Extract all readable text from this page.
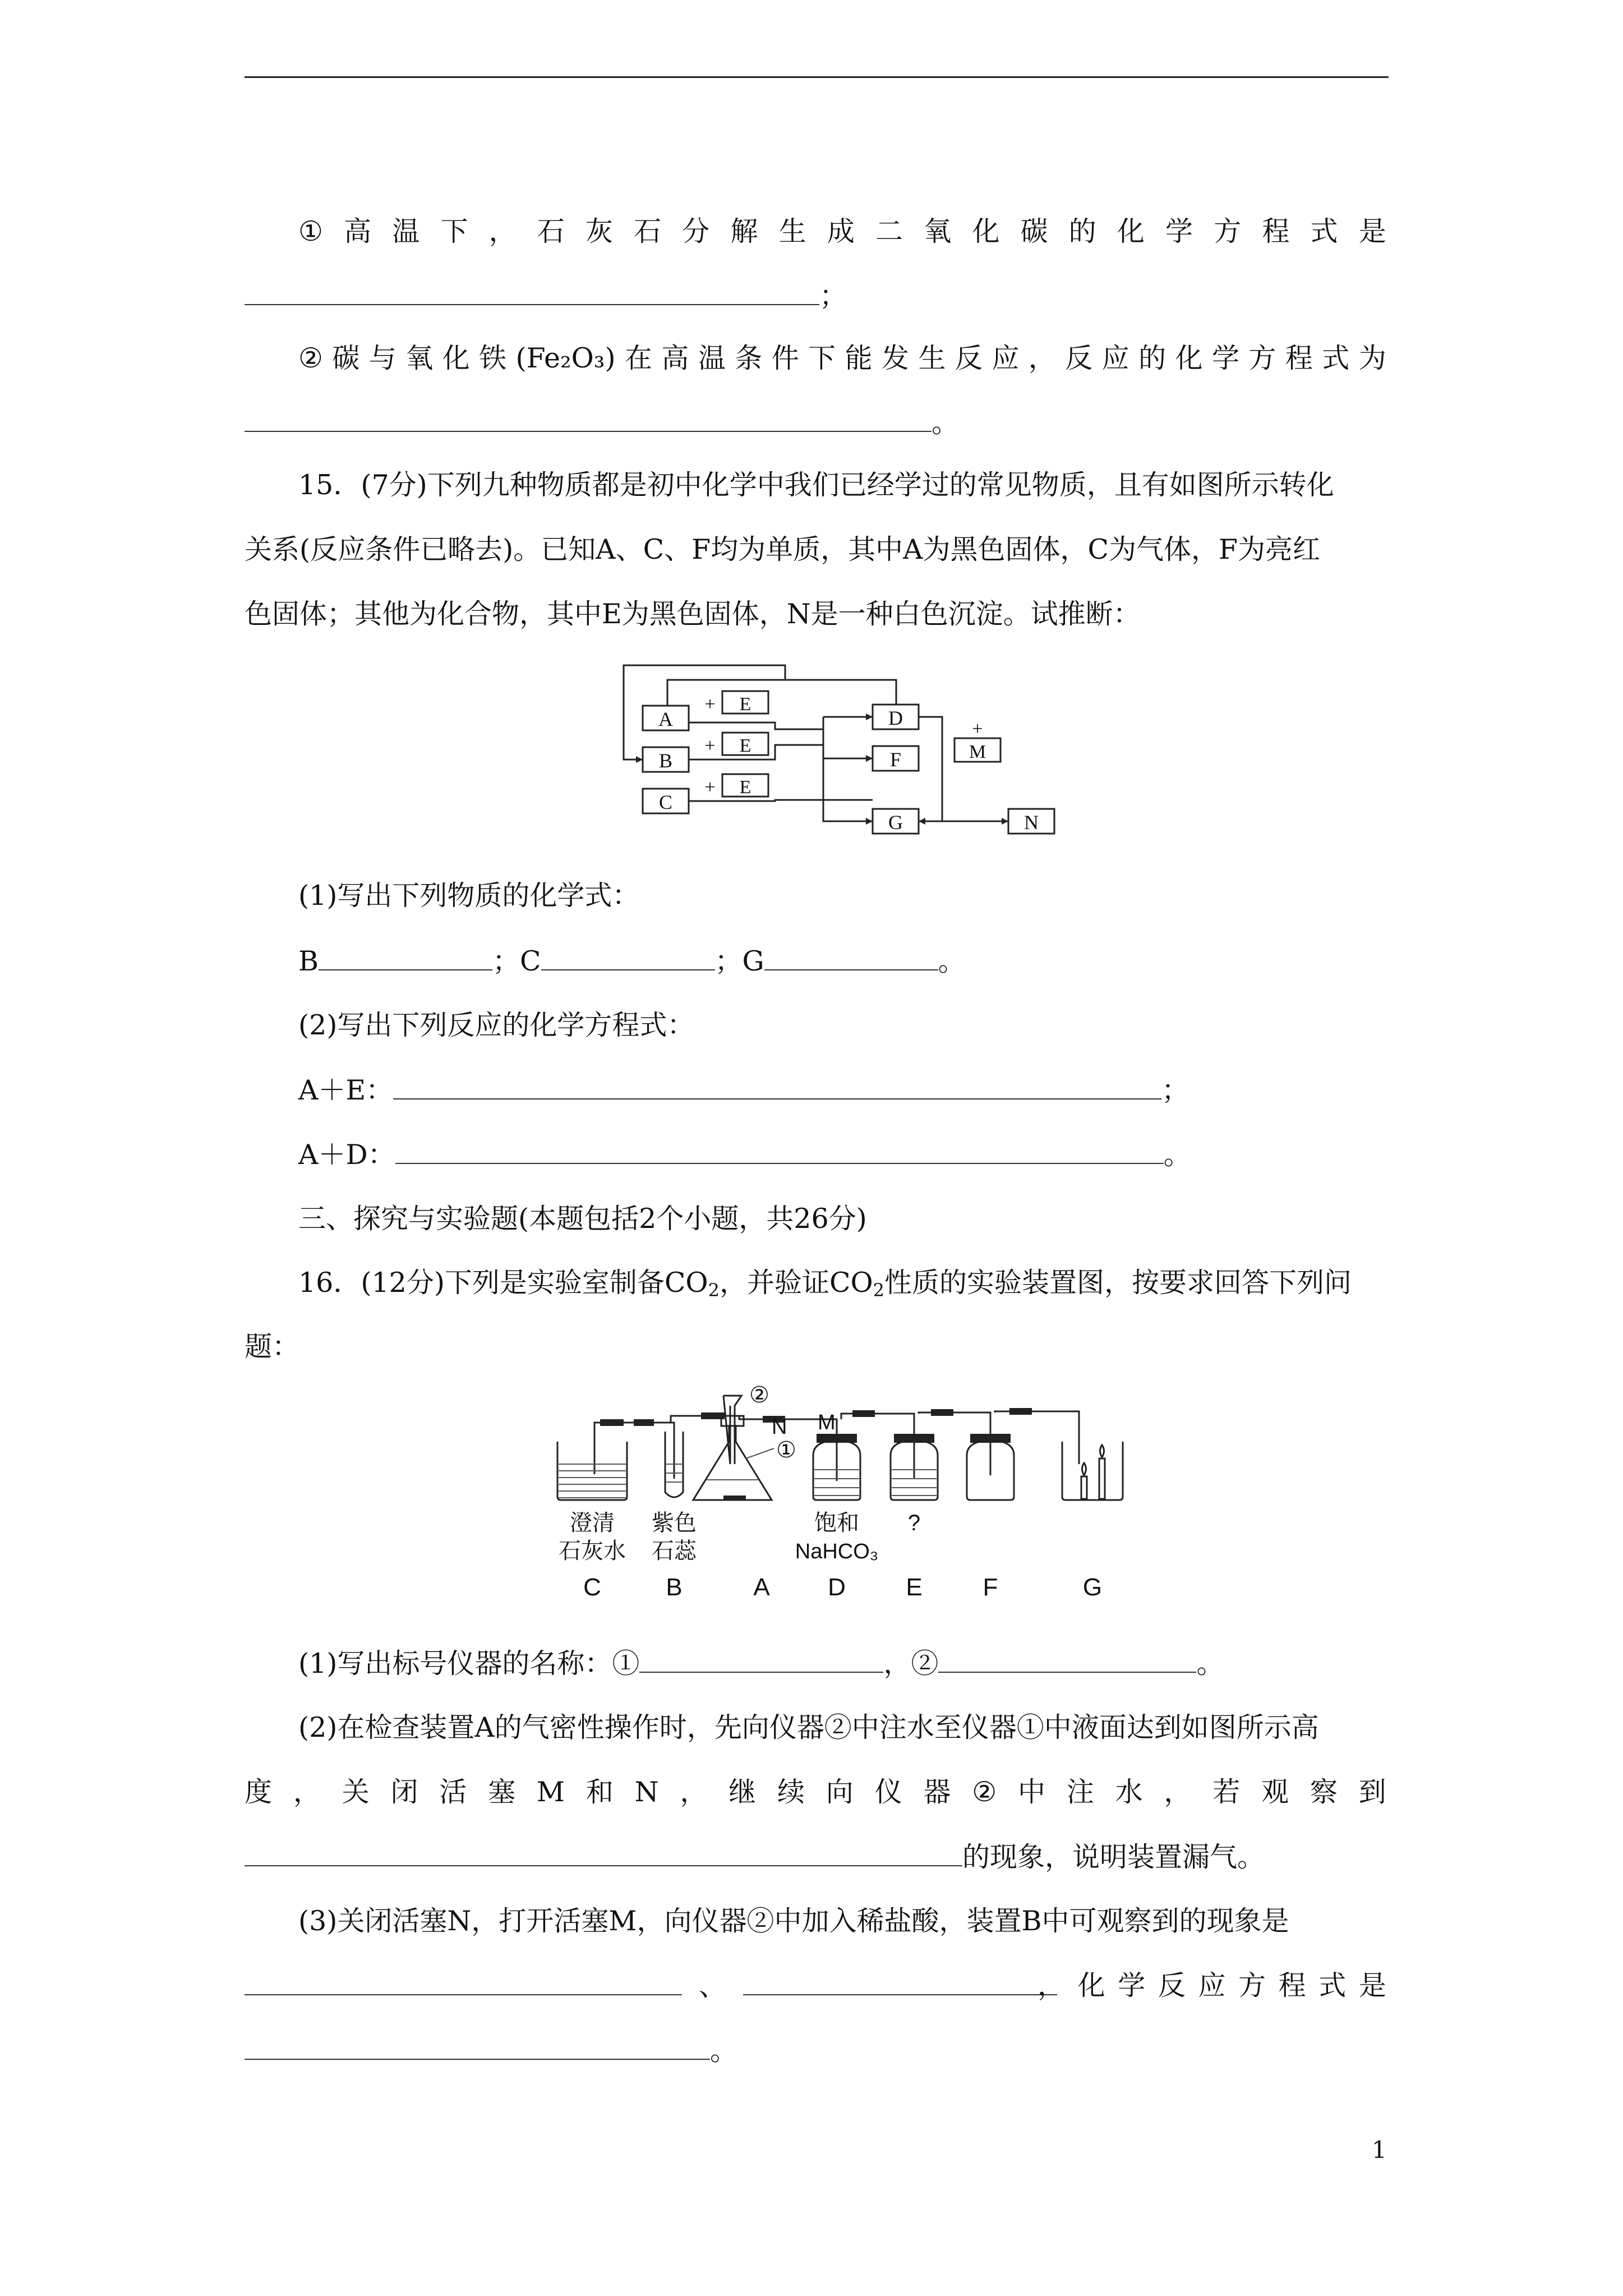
① 高 温 下 ， 石 灰 石 分 解 生 成 二 氧 化 碳 的 化 学 方 程 式 是
；
② 碳 与 氧 化 铁 (Fe₂O₃) 在 高 温 条 件 下 能 发 生 反 应 ， 反 应 的 化 学 方 程 式 为
。
15．(7分)下列九种物质都是初中化学中我们已经学过的常见物质，且有如图所示转化
关系(反应条件已略去)。已知A、C、F均为单质，其中A为黑色固体，C为气体，F为亮红
色固体；其他为化合物，其中E为黑色固体，N是一种白色沉淀。试推断：
A
B
C
E
E
E
D
F
G
M
N
+
+
+
+
(1)写出下列物质的化学式：
B	；C	；G	。
(2)写出下列反应的化学方程式：
A＋E：	；
A＋D：	。
三、探究与实验题(本题包括2个小题，共26分)
16．(12分)下列是实验室制备$CO_2$，并验证$CO_2$性质的实验装置图，按要求回答下列问
题：
M
N
①
②
澄清
石灰水
紫色
石蕊
饱和
NaHCO₃
?
C	B	A D E F	G
(1)写出标号仪器的名称：①	，②	。
(2)在检查装置A的气密性操作时，先向仪器②中注水至仪器①中液面达到如图所示高
度 ， 关 闭 活 塞 M 和 N ， 继 续 向 仪 器 ② 中 注 水 ， 若 观 察 到
的现象，说明装置漏气。
(3)关闭活塞N，打开活塞M，向仪器②中加入稀盐酸，装置B中可观察到的现象是
、	， 化 学 反 应 方 程 式 是
。
1
